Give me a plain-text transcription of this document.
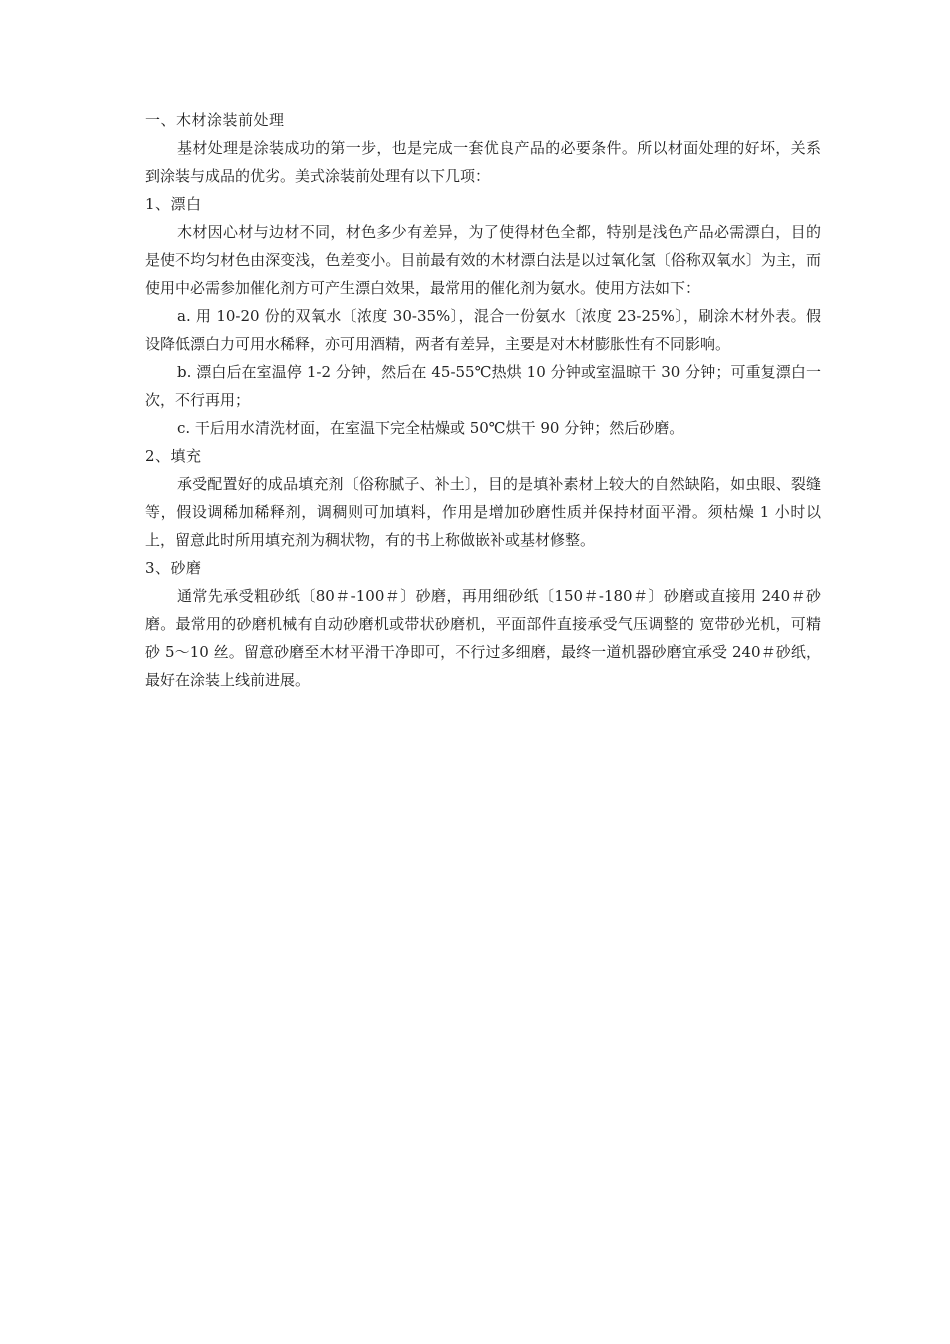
一、木材涂装前处理

基材处理是涂装成功的第一步，也是完成一套优良产品的必要条件。所以材面处理的好坏，关系到涂装与成品的优劣。美式涂装前处理有以下几项：

1、漂白

木材因心材与边材不同，材色多少有差异，为了使得材色全都，特别是浅色产品必需漂白，目的是使不均匀材色由深变浅，色差变小。目前最有效的木材漂白法是以过氧化氢〔俗称双氧水〕为主，而使用中必需参加催化剂方可产生漂白效果，最常用的催化剂为氨水。使用方法如下：

a. 用 10-20 份的双氧水〔浓度 30-35%〕，混合一份氨水〔浓度 23-25%〕，刷涂木材外表。假设降低漂白力可用水稀释，亦可用酒精，两者有差异，主要是对木材膨胀性有不同影响。

b. 漂白后在室温停 1-2 分钟，然后在 45-55℃热烘 10 分钟或室温晾干 30 分钟；可重复漂白一次，不行再用；

c. 干后用水清洗材面，在室温下完全枯燥或 50℃烘干 90 分钟；然后砂磨。

2、填充

承受配置好的成品填充剂〔俗称腻子、补土〕，目的是填补素材上较大的自然缺陷，如虫眼、裂缝等，假设调稀加稀释剂，调稠则可加填料，作用是增加砂磨性质并保持材面平滑。须枯燥 1 小时以上，留意此时所用填充剂为稠状物，有的书上称做嵌补或基材修整。

3、砂磨

通常先承受粗砂纸〔80＃-100＃〕砂磨，再用细砂纸〔150＃-180＃〕砂磨或直接用 240＃砂磨。最常用的砂磨机械有自动砂磨机或带状砂磨机，平面部件直接承受气压调整的 宽带砂光机，可精砂 5～10 丝。留意砂磨至木材平滑干净即可，不行过多细磨，最终一道机器砂磨宜承受 240＃砂纸，最好在涂装上线前进展。
